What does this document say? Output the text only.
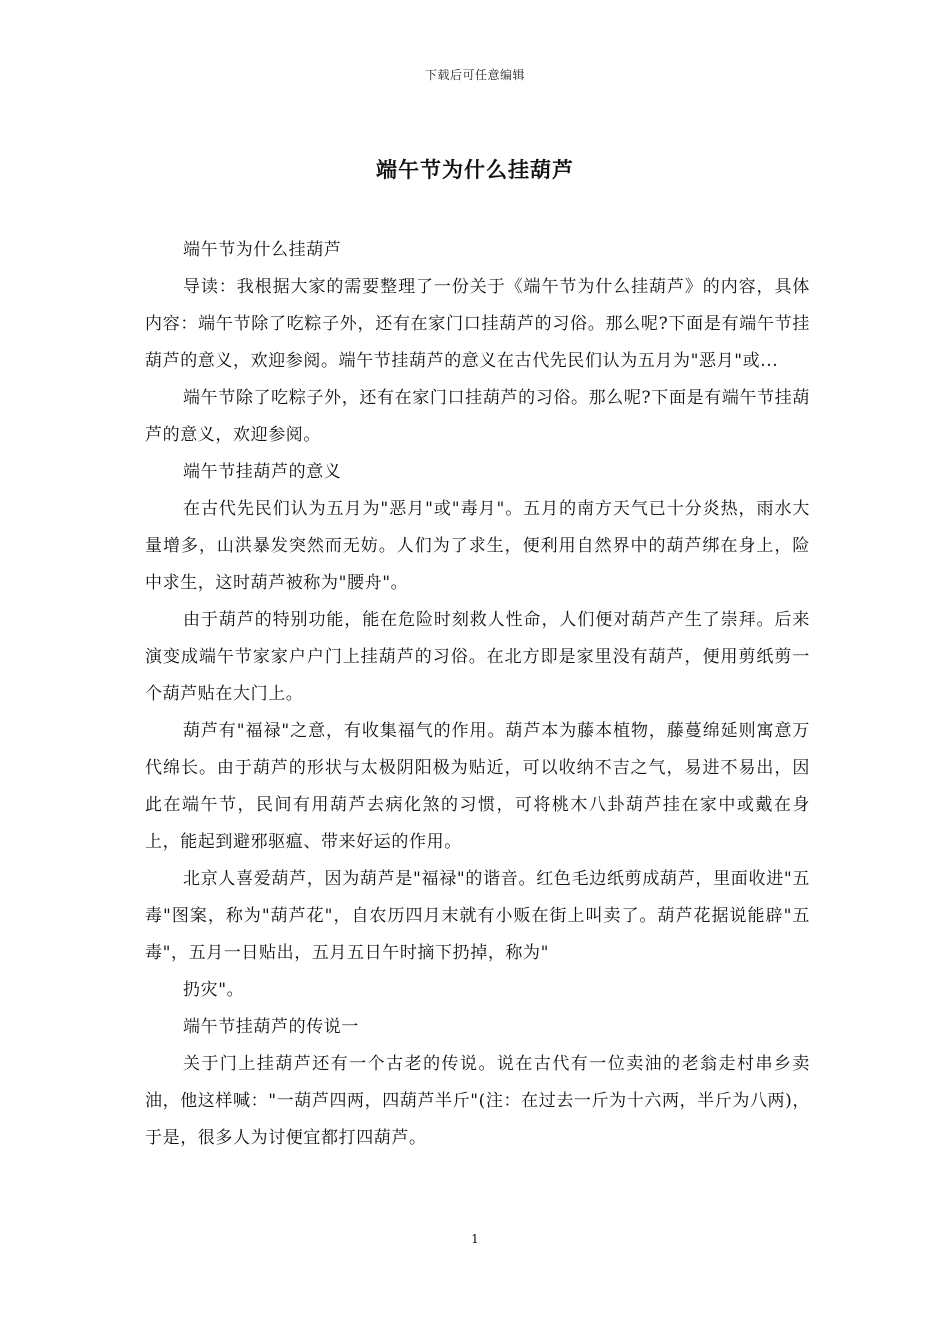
下载后可任意编辑
端午节为什么挂葫芦

端午节为什么挂葫芦

导读：我根据大家的需要整理了一份关于《端午节为什么挂葫芦》的内容，具体内容：端午节除了吃粽子外，还有在家门口挂葫芦的习俗。那么呢?下面是有端午节挂葫芦的意义，欢迎参阅。端午节挂葫芦的意义在古代先民们认为五月为"恶月"或...

端午节除了吃粽子外，还有在家门口挂葫芦的习俗。那么呢?下面是有端午节挂葫芦的意义，欢迎参阅。

端午节挂葫芦的意义

在古代先民们认为五月为"恶月"或"毒月"。五月的南方天气已十分炎热，雨水大量增多，山洪暴发突然而无妨。人们为了求生，便利用自然界中的葫芦绑在身上，险中求生，这时葫芦被称为"腰舟"。

由于葫芦的特别功能，能在危险时刻救人性命，人们便对葫芦产生了崇拜。后来演变成端午节家家户户门上挂葫芦的习俗。在北方即是家里没有葫芦，便用剪纸剪一个葫芦贴在大门上。

葫芦有"福禄"之意，有收集福气的作用。葫芦本为藤本植物，藤蔓绵延则寓意万代绵长。由于葫芦的形状与太极阴阳极为贴近，可以收纳不吉之气，易进不易出，因此在端午节，民间有用葫芦去病化煞的习惯，可将桃木八卦葫芦挂在家中或戴在身上，能起到避邪驱瘟、带来好运的作用。

北京人喜爱葫芦，因为葫芦是"福禄"的谐音。红色毛边纸剪成葫芦，里面收进"五毒"图案，称为"葫芦花"，自农历四月末就有小贩在街上叫卖了。葫芦花据说能辟"五毒"，五月一日贴出，五月五日午时摘下扔掉，称为"

扔灾"。

端午节挂葫芦的传说一

关于门上挂葫芦还有一个古老的传说。说在古代有一位卖油的老翁走村串乡卖油，他这样喊："一葫芦四两，四葫芦半斤"(注：在过去一斤为十六两，半斤为八两)，于是，很多人为讨便宜都打四葫芦。

1
